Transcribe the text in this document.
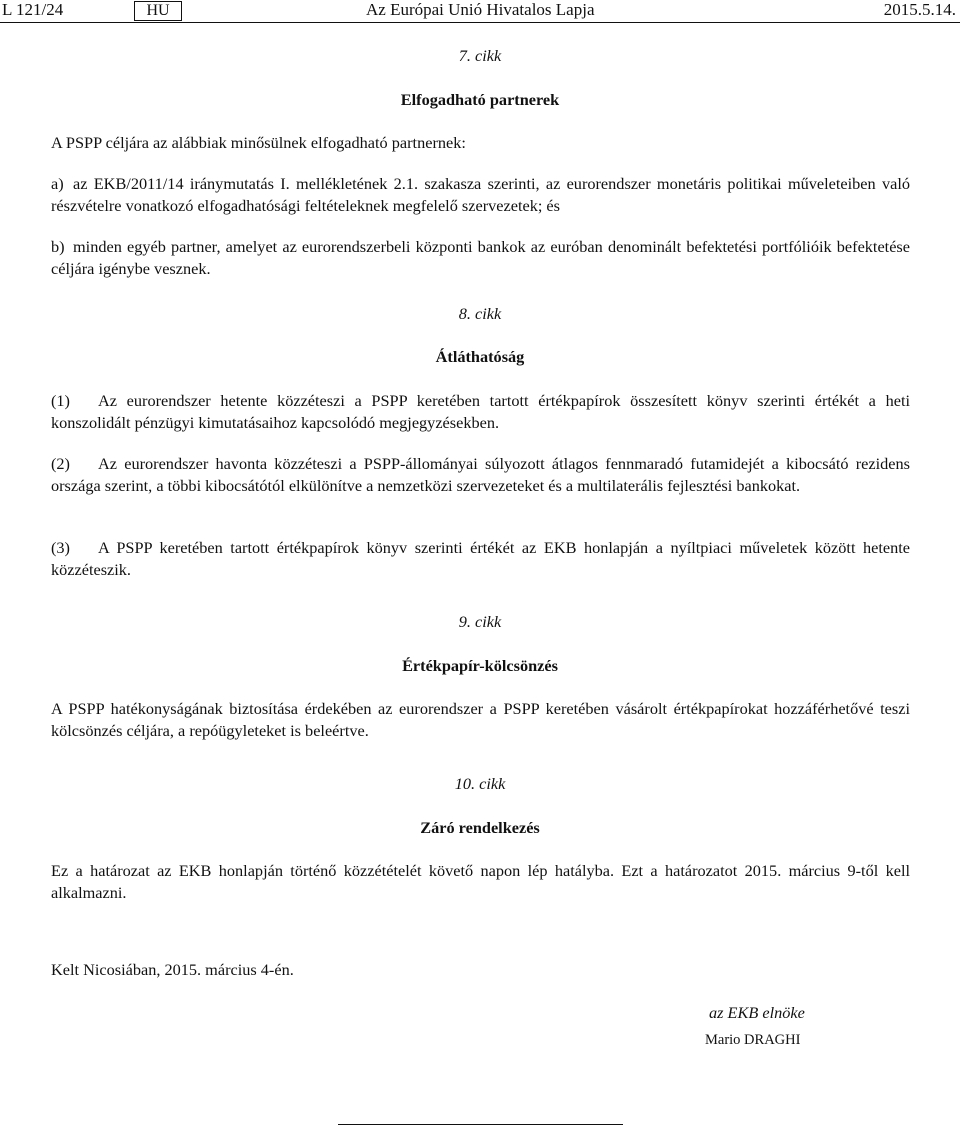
L 121/24	HU	Az Európai Unió Hivatalos Lapja	2015.5.14.
7. cikk
Elfogadható partnerek
A PSPP céljára az alábbiak minősülnek elfogadható partnernek:
a) az EKB/2011/14 iránymutatás I. mellékletének 2.1. szakasza szerinti, az eurorendszer monetáris politikai műveleteiben való részvételre vonatkozó elfogadhatósági feltételeknek megfelelő szervezetek; és
b) minden egyéb partner, amelyet az eurorendszerbeli központi bankok az euróban denominált befektetési portfólióik befektetése céljára igénybe vesznek.
8. cikk
Átláthatóság
(1)	Az eurorendszer hetente közzéteszi a PSPP keretében tartott értékpapírok összesített könyv szerinti értékét a heti konszolidált pénzügyi kimutatásaihoz kapcsolódó megjegyzésekben.
(2)	Az eurorendszer havonta közzéteszi a PSPP-állományai súlyozott átlagos fennmaradó futamidejét a kibocsátó rezidens országa szerint, a többi kibocsátótól elkülönítve a nemzetközi szervezeteket és a multilaterális fejlesztési bankokat.
(3)	A PSPP keretében tartott értékpapírok könyv szerinti értékét az EKB honlapján a nyíltpiaci műveletek között hetente közzéteszik.
9. cikk
Értékpapír-kölcsönzés
A PSPP hatékonyságának biztosítása érdekében az eurorendszer a PSPP keretében vásárolt értékpapírokat hozzáférhetővé teszi kölcsönzés céljára, a repóügyleteket is beleértve.
10. cikk
Záró rendelkezés
Ez a határozat az EKB honlapján történő közzétételét követő napon lép hatályba. Ezt a határozatot 2015. március 9-től kell alkalmazni.
Kelt Nicosiában, 2015. március 4-én.
az EKB elnöke
Mario DRAGHI
